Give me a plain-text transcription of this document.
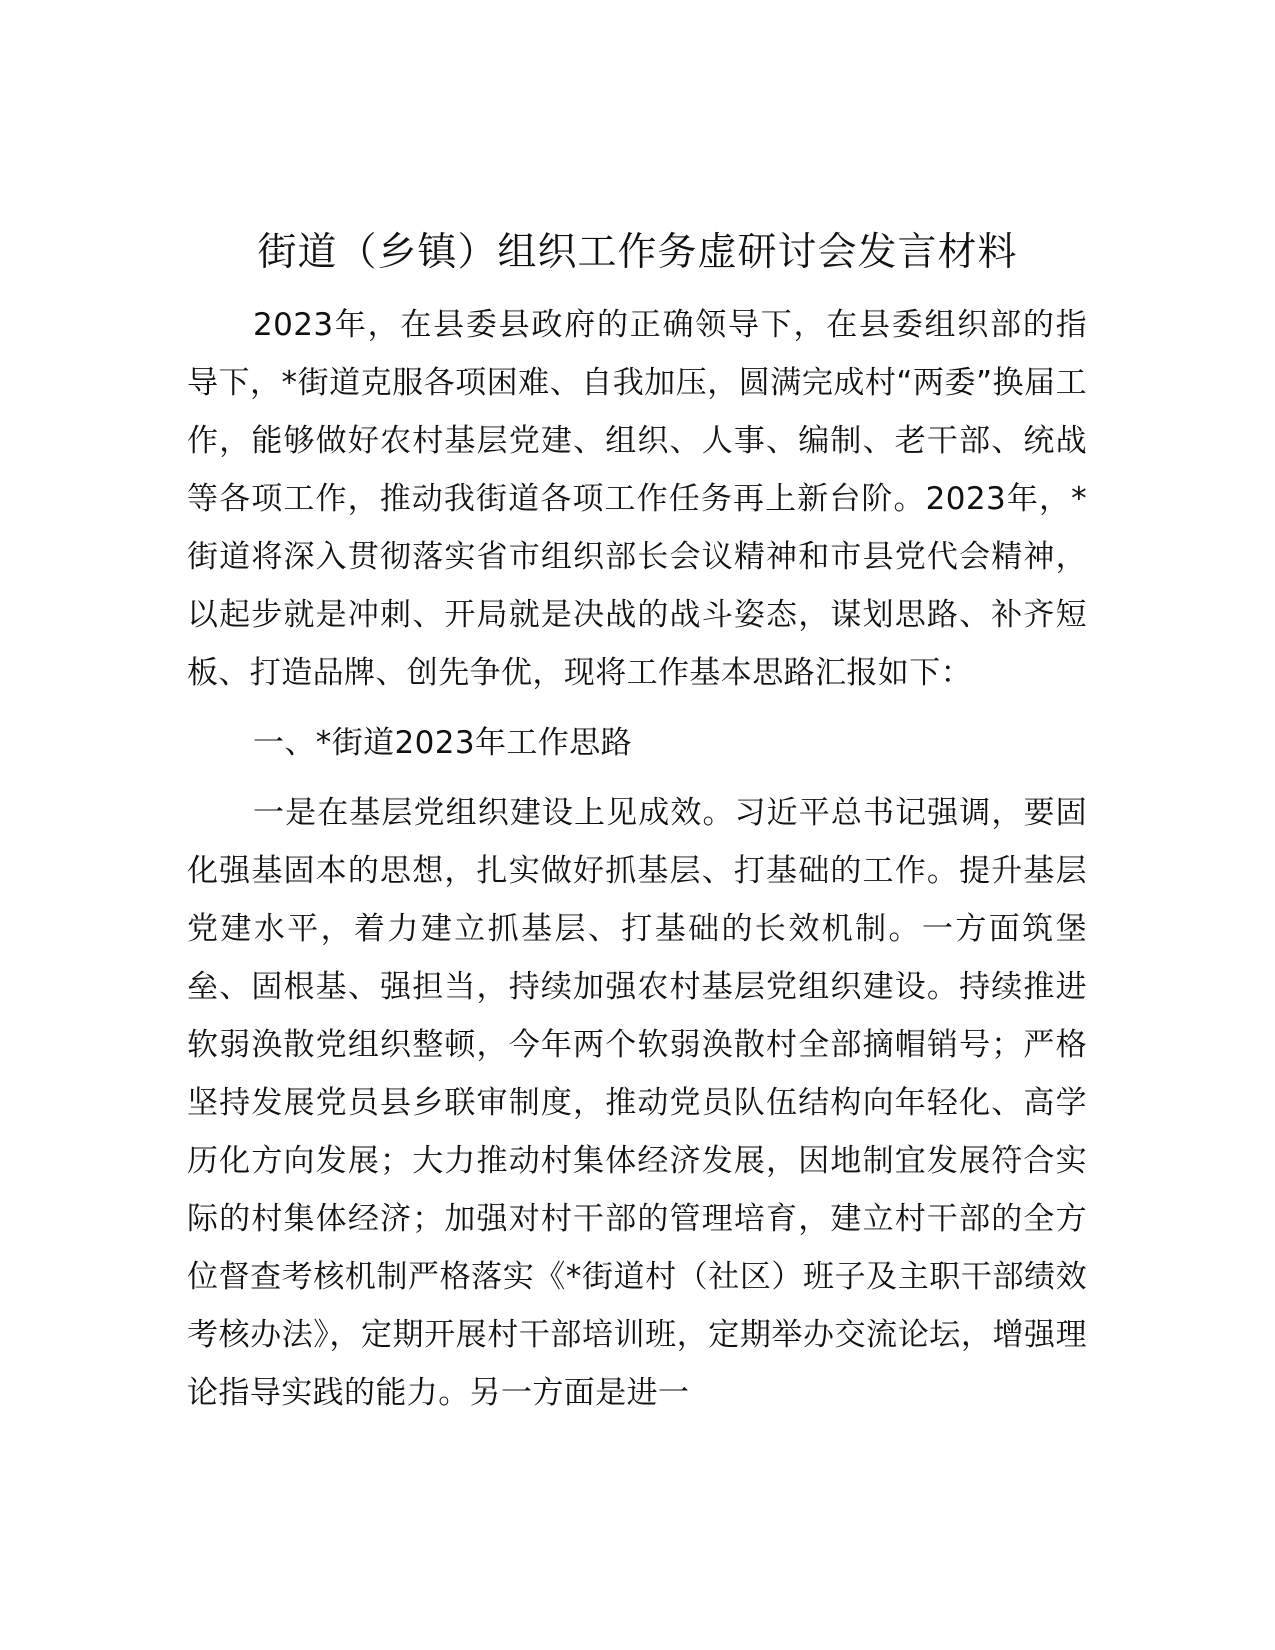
街道（乡镇）组织工作务虚研讨会发言材料

2023年，在县委县政府的正确领导下，在县委组织部的指导下，*街道克服各项困难、自我加压，圆满完成村“两委”换届工作，能够做好农村基层党建、组织、人事、编制、老干部、统战等各项工作，推动我街道各项工作任务再上新台阶。2023年，*街道将深入贯彻落实省市组织部长会议精神和市县党代会精神，以起步就是冲刺、开局就是决战的战斗姿态，谋划思路、补齐短板、打造品牌、创先争优，现将工作基本思路汇报如下：

一、*街道2023年工作思路

一是在基层党组织建设上见成效。习近平总书记强调，要固化强基固本的思想，扎实做好抓基层、打基础的工作。提升基层党建水平，着力建立抓基层、打基础的长效机制。一方面筑堡垒、固根基、强担当，持续加强农村基层党组织建设。持续推进软弱涣散党组织整顿，今年两个软弱涣散村全部摘帽销号；严格坚持发展党员县乡联审制度，推动党员队伍结构向年轻化、高学历化方向发展；大力推动村集体经济发展，因地制宜发展符合实际的村集体经济；加强对村干部的管理培育，建立村干部的全方位督查考核机制严格落实《*街道村（社区）班子及主职干部绩效考核办法》，定期开展村干部培训班，定期举办交流论坛，增强理论指导实践的能力。另一方面是进一
